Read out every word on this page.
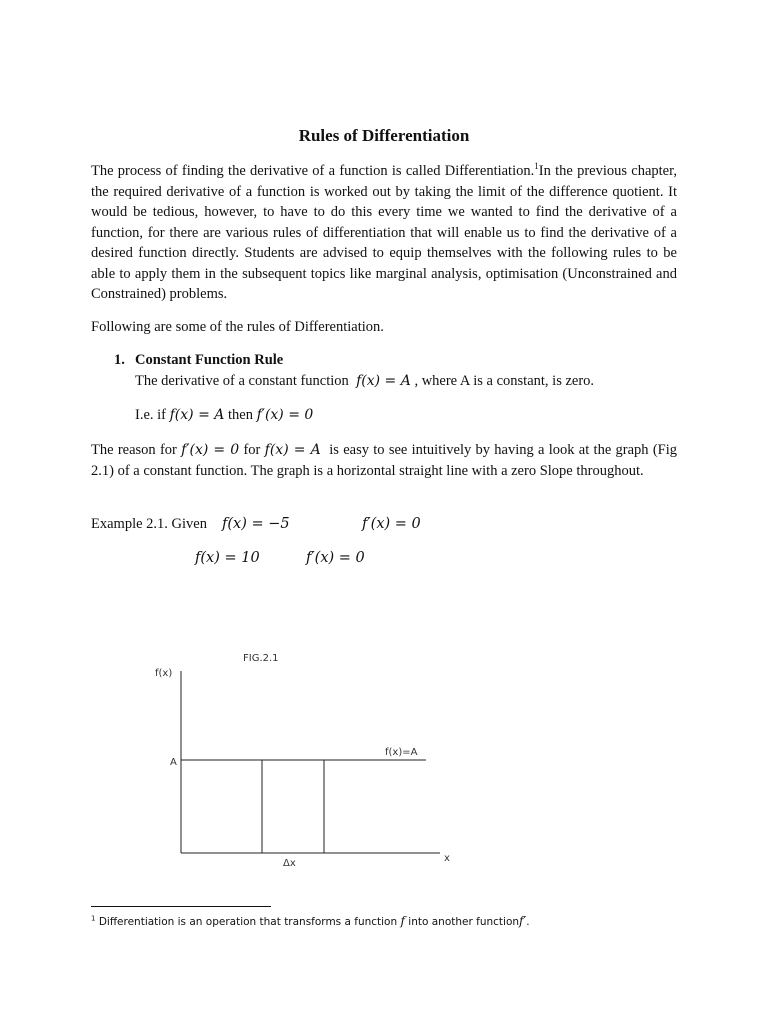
Rules of Differentiation

The process of finding the derivative of a function is called Differentiation.$^1$In the previous chapter, the required derivative of a function is worked out by taking the limit of the difference quotient. It would be tedious, however, to have to do this every time we wanted to find the derivative of a function, for there are various rules of differentiation that will enable us to find the derivative of a desired function directly. Students are advised to equip themselves with the following rules to be able to apply them in the subsequent topics like marginal analysis, optimisation (Unconstrained and Constrained) problems.

Following are some of the rules of Differentiation.
1. Constant Function Rule
The derivative of a constant function f(x) = A , where A is a constant, is zero.
I.e. if f(x) = A then f′(x) = 0

The reason for f′(x) = 0 for f(x) = A is easy to see intuitively by having a look at the graph (Fig 2.1) of a constant function. The graph is a horizontal straight line with a zero Slope throughout.

Example 2.1. Given f(x) = −5	f′(x) = 0
f(x) = 10	f′(x) = 0
FIG.2.1
f(x)
A
f(x)=A
Δx	x
$^1$ Differentiation is an operation that transforms a function f into another functionf′.
